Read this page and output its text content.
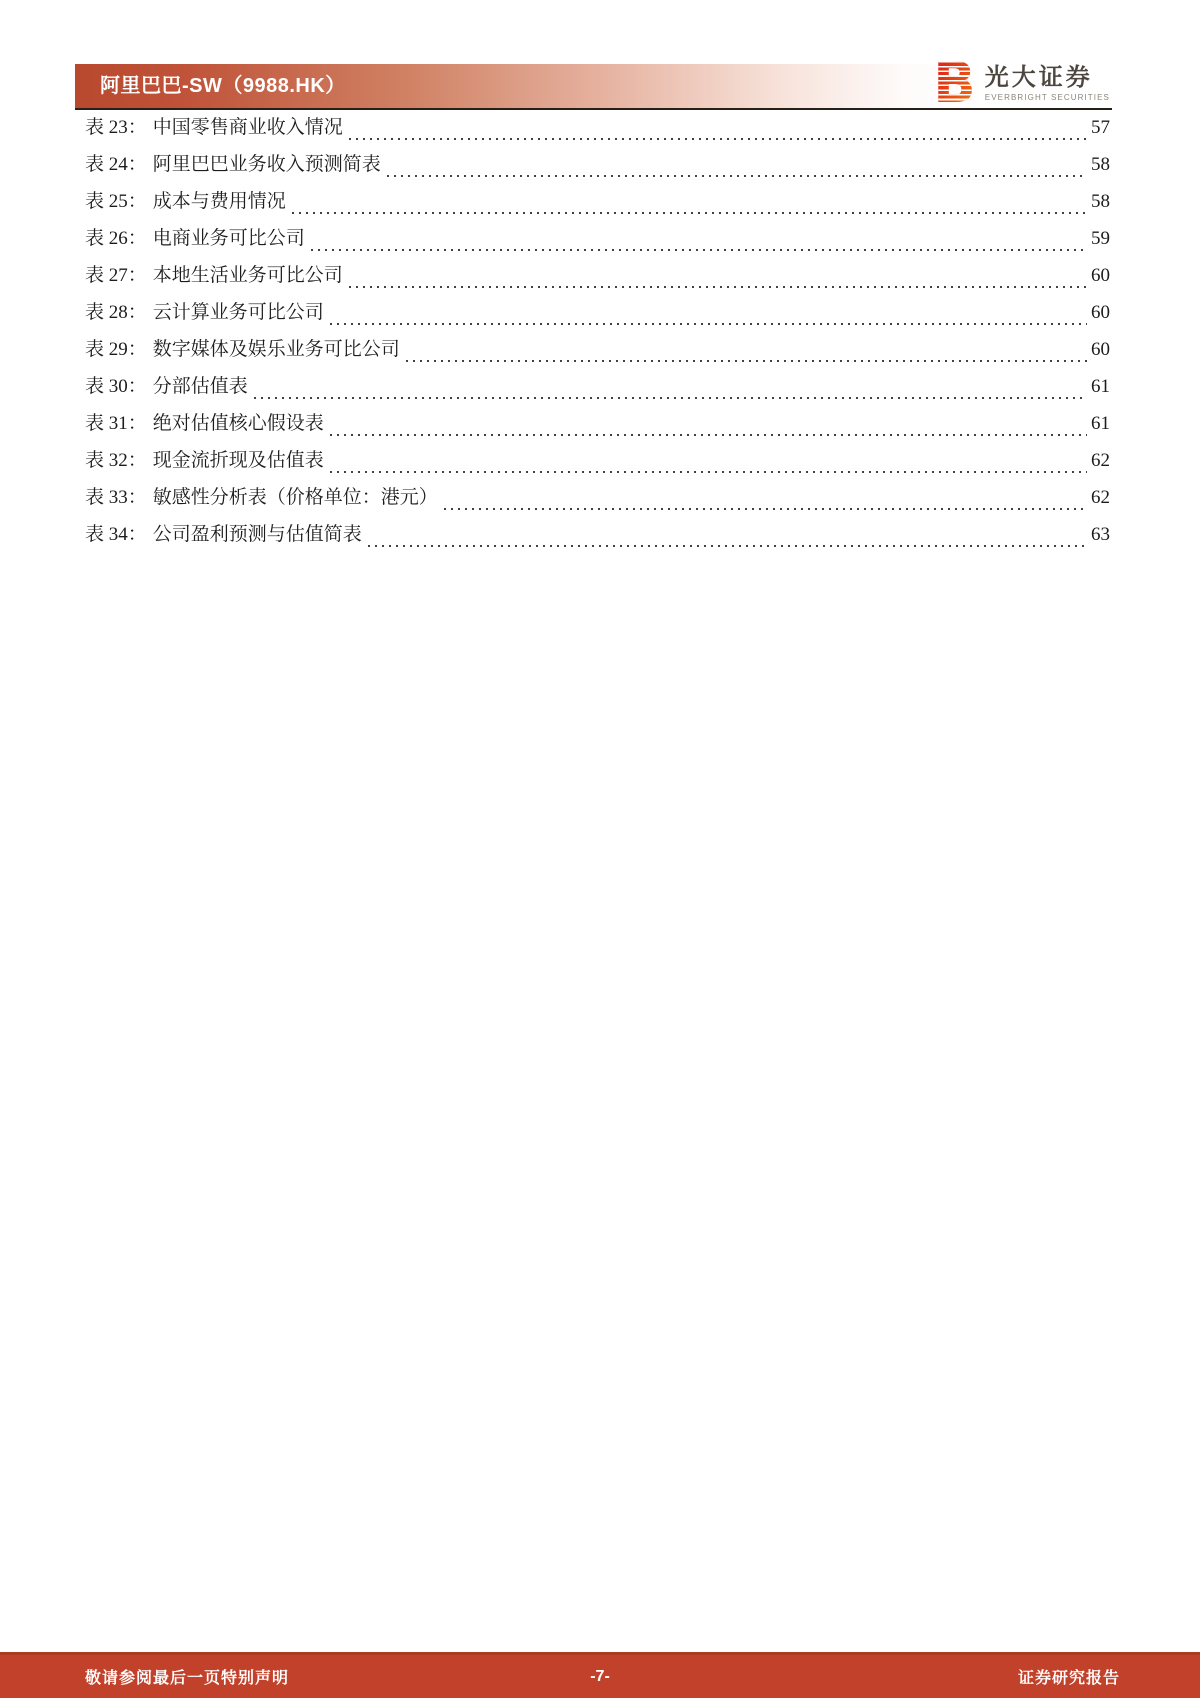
阿里巴巴-SW（9988.HK）	B 光大证券
EVERBRIGHT SECURITIES
表 23： 中国零售商业收入情况	57
表 24： 阿里巴巴业务收入预测简表	58
表 25： 成本与费用情况	58
表 26： 电商业务可比公司	59
表 27： 本地生活业务可比公司	60
表 28： 云计算业务可比公司	60
表 29： 数字媒体及娱乐业务可比公司	60
表 30： 分部估值表	61
表 31： 绝对估值核心假设表	61
表 32： 现金流折现及估值表	62
表 33： 敏感性分析表（价格单位：港元）	62
表 34： 公司盈利预测与估值简表	63
敬请参阅最后一页特别声明	-7-	证券研究报告
